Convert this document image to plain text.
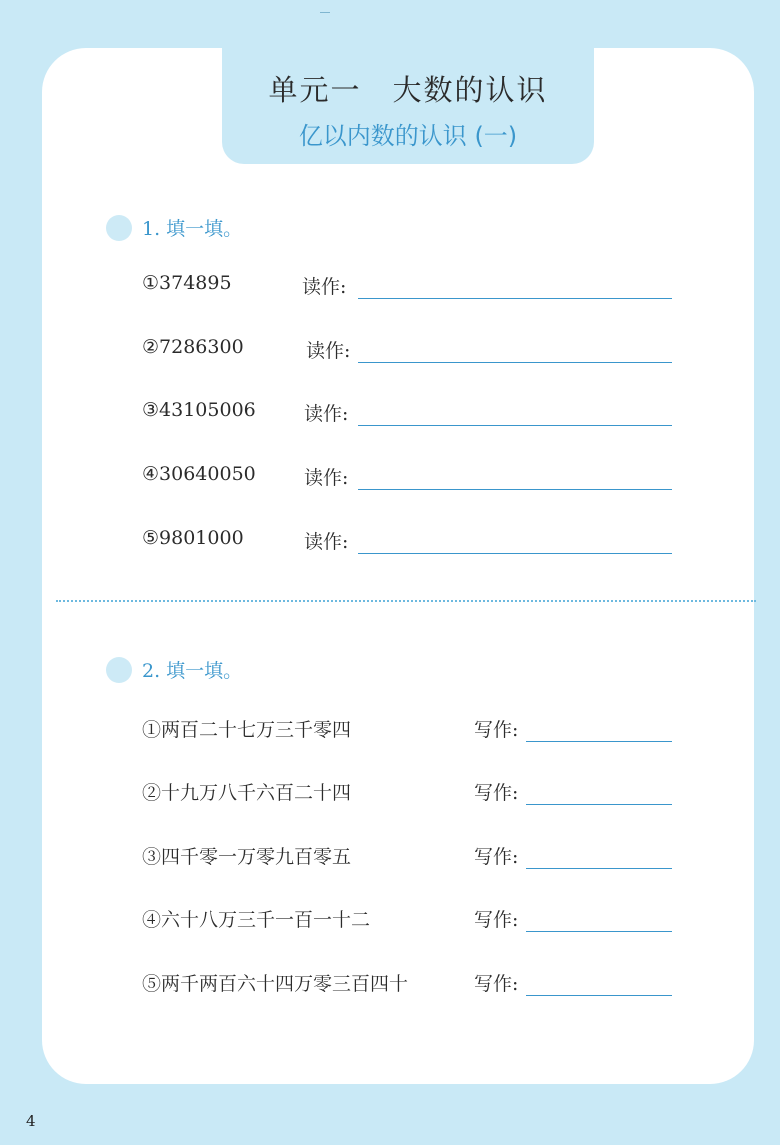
单元一　大数的认识
亿以内数的认识 (一)
1. 填一填。
①374895	读作:
②7286300	读作:
③43105006	读作:
④30640050	读作:
⑤9801000	读作:
2. 填一填。
①两百二十七万三千零四	写作:
②十九万八千六百二十四	写作:
③四千零一万零九百零五	写作:
④六十八万三千一百一十二	写作:
⑤两千两百六十四万零三百四十	写作:
4
